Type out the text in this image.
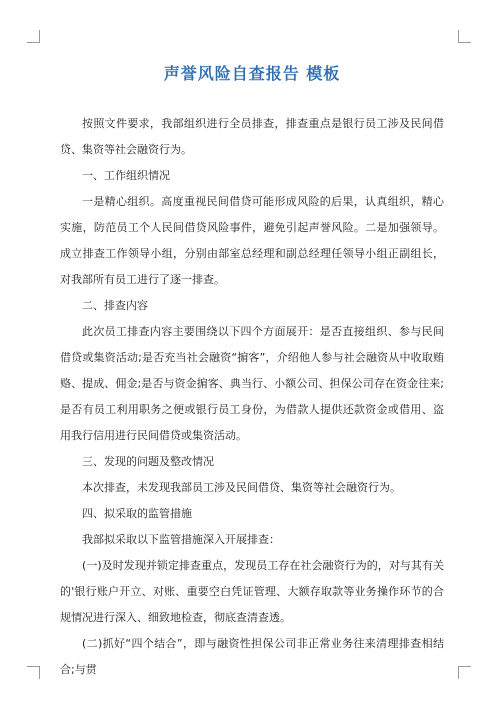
声誉风险自查报告 模板

按照文件要求，我部组织进行全员排查，排查重点是银行员工涉及民间借贷、集资等社会融资行为。

一、工作组织情况

一是精心组织。高度重视民间借贷可能形成风险的后果，认真组织，精心实施，防范员工个人民间借贷风险事件，避免引起声誉风险。二是加强领导。成立排查工作领导小组，分别由部室总经理和副总经理任领导小组正副组长，对我部所有员工进行了逐一排查。

二、排查内容

此次员工排查内容主要围绕以下四个方面展开：是否直接组织、参与民间借贷或集资活动;是否充当社会融资“掮客”，介绍他人参与社会融资从中收取贿赂、提成、佣金;是否与资金掮客、典当行、小额公司、担保公司存在资金往来;是否有员工利用职务之便或银行员工身份，为借款人提供还款资金或借用、盗用我行信用进行民间借贷或集资活动。

三、发现的问题及整改情况

本次排查，未发现我部员工涉及民间借贷、集资等社会融资行为。

四、拟采取的监管措施

我部拟采取以下监管措施深入开展排查：

(一)及时发现并锁定排查重点，发现员工存在社会融资行为的，对与其有关的'银行账户开立、对账、重要空白凭证管理、大额存取款等业务操作环节的合规情况进行深入、细致地检查，彻底查清查透。

(二)抓好“四个结合”，即与融资性担保公司非正常业务往来清理排查相结合;与贯
